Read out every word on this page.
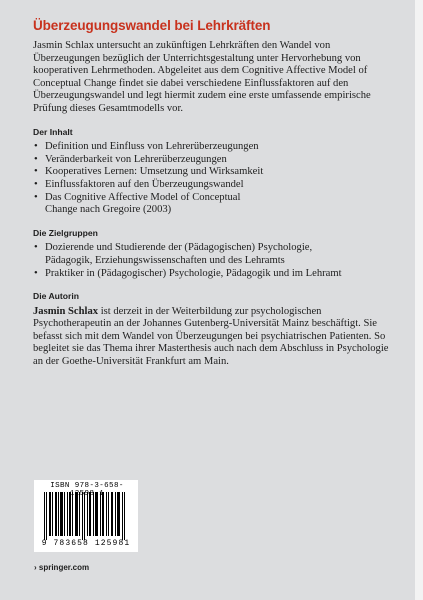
Überzeugungswandel bei Lehrkräften

Jasmin Schlax untersucht an zukünftigen Lehrkräften den Wandel von Überzeugungen bezüglich der Unterrichtsgestaltung unter Hervorhebung von kooperativen Lehrmethoden. Abgeleitet aus dem Cognitive Affective Model of Conceptual Change findet sie dabei verschiedene Einflussfaktoren auf den Überzeugungswandel und legt hiermit zudem eine erste umfassende empirische Prüfung dieses Gesamtmodells vor.

Der Inhalt
• Definition und Einfluss von Lehrerüberzeugungen
• Veränderbarkeit von Lehrerüberzeugungen
• Kooperatives Lernen: Umsetzung und Wirksamkeit
• Einflussfaktoren auf den Überzeugungswandel
• Das Cognitive Affective Model of Conceptual Change nach Gregoire (2003)
Die Zielgruppen
• Dozierende und Studierende der (Pädagogischen) Psychologie, Pädagogik, Erziehungswissenschaften und des Lehramts
• Praktiker in (Pädagogischer) Psychologie, Pädagogik und im Lehramt
Die Autorin

Jasmin Schlax ist derzeit in der Weiterbildung zur psychologischen Psychotherapeutin an der Johannes Gutenberg-Universität Mainz beschäftigt. Sie befasst sich mit dem Wandel von Überzeugungen bei psychiatrischen Patienten. So begleitet sie das Thema ihrer Masterthesis auch nach dem Abschluss in Psychologie an der Goethe-Universität Frankfurt am Main.

ISBN 978-3-658-12598-1
9 783658 125981
› springer.com
